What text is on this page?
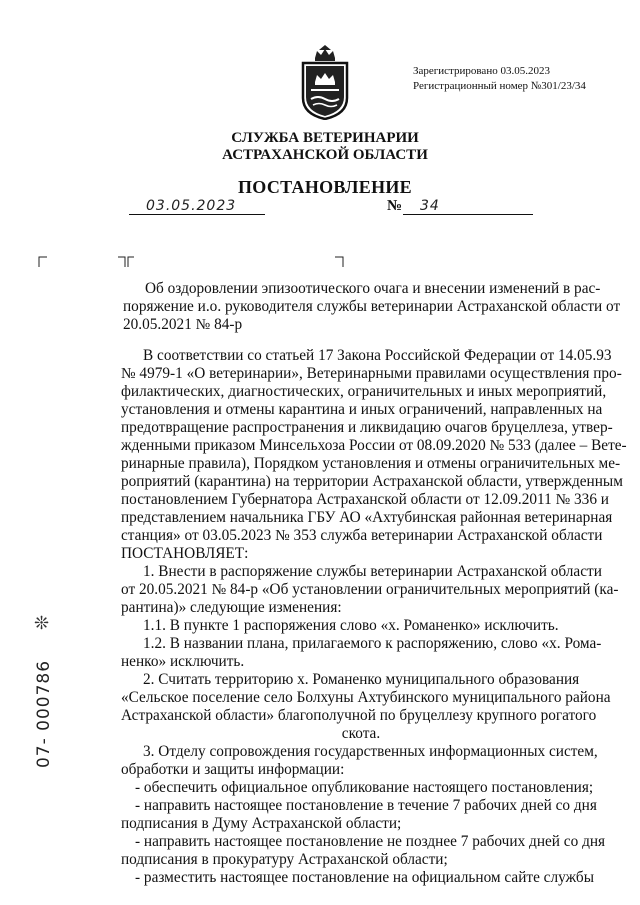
Зарегистрировано 03.05.2023
Регистрационный номер №301/23/34
СЛУЖБА ВЕТЕРИНАРИИ
АСТРАХАНСКОЙ ОБЛАСТИ
ПОСТАНОВЛЕНИЕ
03.05.2023	№ 34
Об оздоровлении эпизоотического очага и внесении изменений в рас-
поряжение и.о. руководителя службы ветеринарии Астраханской области от
20.05.2021 № 84-р
В соответствии со статьей 17 Закона Российской Федерации от 14.05.93
№ 4979-1 «О ветеринарии», Ветеринарными правилами осуществления про-
филактических, диагностических, ограничительных и иных мероприятий,
установления и отмены карантина и иных ограничений, направленных на
предотвращение распространения и ликвидацию очагов бруцеллеза, утвер-
жденными приказом Минсельхоза России от 08.09.2020 № 533 (далее – Вете-
ринарные правила), Порядком установления и отмены ограничительных ме-
роприятий (карантина) на территории Астраханской области, утвержденным
постановлением Губернатора Астраханской области от 12.09.2011 № 336 и
представлением начальника ГБУ АО «Ахтубинская районная ветеринарная
станция» от 03.05.2023 № 353 служба ветеринарии Астраханской области
ПОСТАНОВЛЯЕТ:
1. Внести в распоряжение службы ветеринарии Астраханской области
от 20.05.2021 № 84-р «Об установлении ограничительных мероприятий (ка-
рантина)» следующие изменения:
1.1. В пункте 1 распоряжения слово «х. Романенко» исключить.
1.2. В названии плана, прилагаемого к распоряжению, слово «х. Рома-
ненко» исключить.
2. Считать территорию х. Романенко муниципального образования
«Сельское поселение село Болхуны Ахтубинского муниципального района
Астраханской области» благополучной по бруцеллезу крупного рогатого
скота.
3. Отделу сопровождения государственных информационных систем,
обработки и защиты информации:
- обеспечить официальное опубликование настоящего постановления;
- направить настоящее постановление в течение 7 рабочих дней со дня
подписания в Думу Астраханской области;
- направить настоящее постановление не позднее 7 рабочих дней со дня
подписания в прокуратуру Астраханской области;
- разместить настоящее постановление на официальном сайте службы
❊
07- 000786
